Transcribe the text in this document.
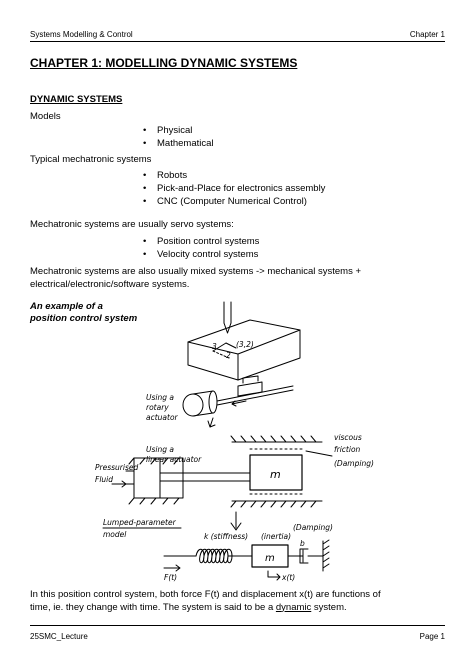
Systems Modelling & Control	Chapter 1
CHAPTER 1: MODELLING DYNAMIC SYSTEMS
DYNAMIC SYSTEMS
Models
• Physical
• Mathematical
Typical mechatronic systems
• Robots
• Pick-and-Place for electronics assembly
• CNC (Computer Numerical Control)
Mechatronic systems are usually servo systems:
• Position control systems
• Velocity control systems
Mechatronic systems are also usually mixed systems -> mechanical systems +
electrical/electronic/software systems.
An example of a
position control system
3
2
(3,2)
Using a
rotary
actuator
Using a
linear actuator
Pressurised
Fluid	m
viscous
friction
(Damping)
Lumped-parameter
model	k (stiffness) (inertia)
(Damping)
m
b
F(t)	x(t)
In this position control system, both force F(t) and displacement x(t) are functions of
time, ie. they change with time. The system is said to be a dynamic system.
25SMC_Lecture	Page 1
